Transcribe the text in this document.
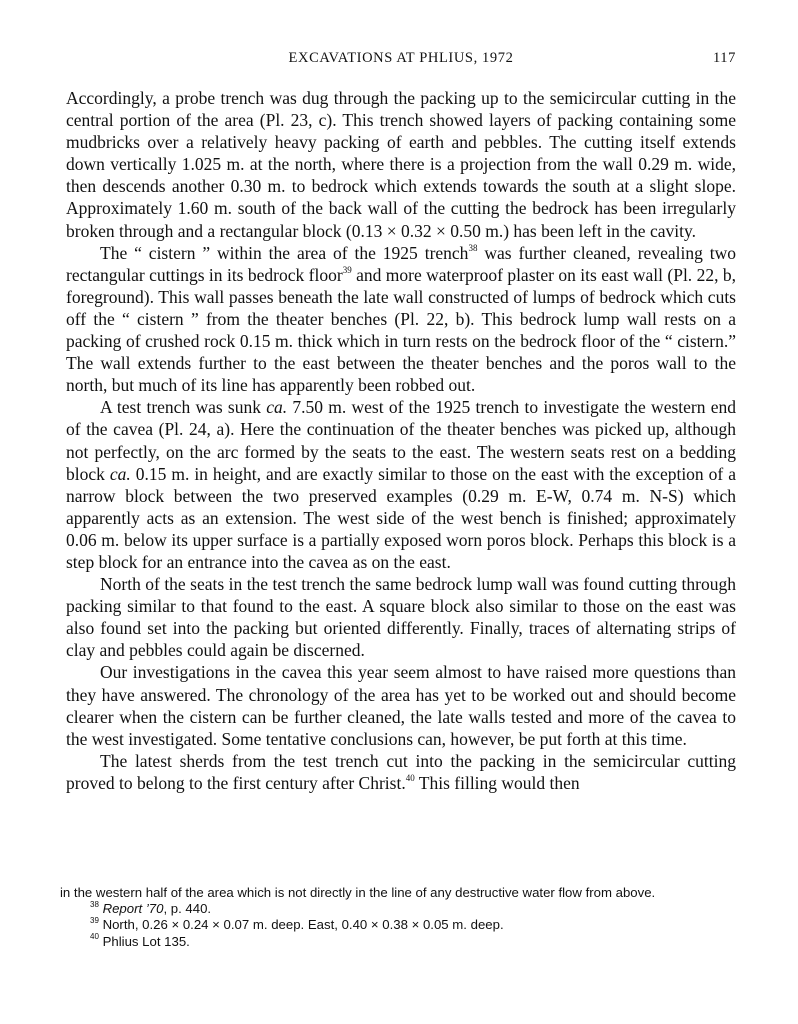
EXCAVATIONS AT PHLIUS, 1972	117

Accordingly, a probe trench was dug through the packing up to the semicircular cutting in the central portion of the area (Pl. 23, c). This trench showed layers of packing containing some mudbricks over a relatively heavy packing of earth and pebbles. The cutting itself extends down vertically 1.025 m. at the north, where there is a projection from the wall 0.29 m. wide, then descends another 0.30 m. to bedrock which extends towards the south at a slight slope. Approximately 1.60 m. south of the back wall of the cutting the bedrock has been irregularly broken through and a rectangular block (0.13 × 0.32 × 0.50 m.) has been left in the cavity.

The “ cistern ” within the area of the 1925 trench$^{38}$ was further cleaned, revealing two rectangular cuttings in its bedrock floor$^{39}$ and more waterproof plaster on its east wall (Pl. 22, b, foreground). This wall passes beneath the late wall constructed of lumps of bedrock which cuts off the “ cistern ” from the theater benches (Pl. 22, b). This bedrock lump wall rests on a packing of crushed rock 0.15 m. thick which in turn rests on the bedrock floor of the “ cistern.” The wall extends further to the east between the theater benches and the poros wall to the north, but much of its line has apparently been robbed out.

A test trench was sunk ca. 7.50 m. west of the 1925 trench to investigate the western end of the cavea (Pl. 24, a). Here the continuation of the theater benches was picked up, although not perfectly, on the arc formed by the seats to the east. The western seats rest on a bedding block ca. 0.15 m. in height, and are exactly similar to those on the east with the exception of a narrow block between the two preserved examples (0.29 m. E-W, 0.74 m. N-S) which apparently acts as an extension. The west side of the west bench is finished; approximately 0.06 m. below its upper surface is a partially exposed worn poros block. Perhaps this block is a step block for an entrance into the cavea as on the east.

North of the seats in the test trench the same bedrock lump wall was found cutting through packing similar to that found to the east. A square block also similar to those on the east was also found set into the packing but oriented differently. Finally, traces of alternating strips of clay and pebbles could again be discerned.

Our investigations in the cavea this year seem almost to have raised more questions than they have answered. The chronology of the area has yet to be worked out and should become clearer when the cistern can be further cleaned, the late walls tested and more of the cavea to the west investigated. Some tentative conclusions can, however, be put forth at this time.

The latest sherds from the test trench cut into the packing in the semicircular cutting proved to belong to the first century after Christ.$^{40}$ This filling would then

in the western half of the area which is not directly in the line of any destructive water flow from above.

$^{38}$ Report ’70, p. 440.

$^{39}$ North, 0.26 × 0.24 × 0.07 m. deep. East, 0.40 × 0.38 × 0.05 m. deep.

$^{40}$ Phlius Lot 135.
